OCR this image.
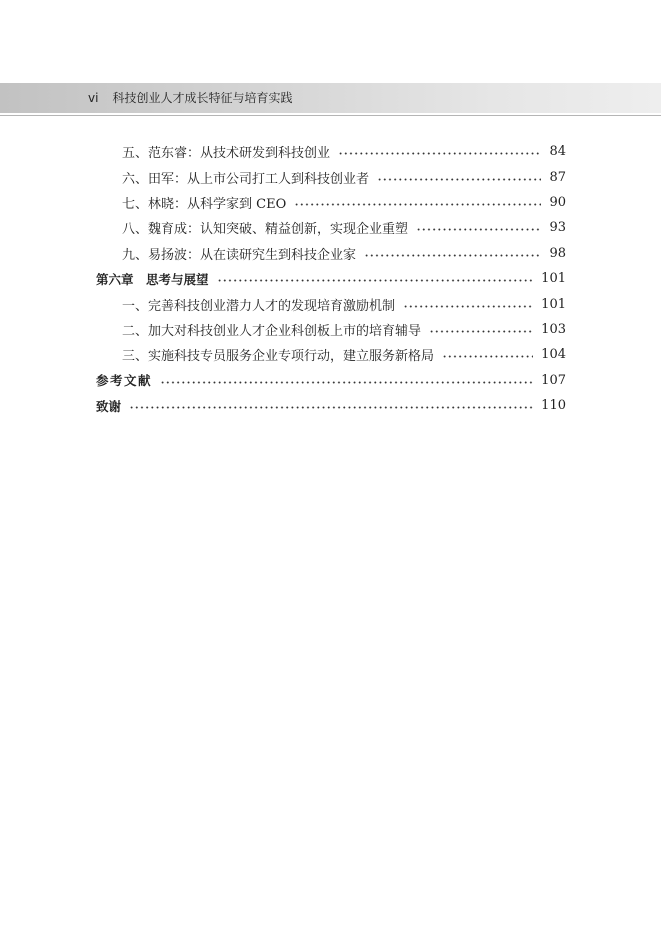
vi 科技创业人才成长特征与培育实践
五、范东睿：从技术研发到科技创业	84
六、田军：从上市公司打工人到科技创业者	87
七、林晓：从科学家到 CEO	90
八、魏育成：认知突破、精益创新，实现企业重塑	93
九、易扬波：从在读研究生到科技企业家	98
第六章　思考与展望	101
一、完善科技创业潜力人才的发现培育激励机制	101
二、加大对科技创业人才企业科创板上市的培育辅导	103
三、实施科技专员服务企业专项行动，建立服务新格局	104
参考文献	107
致谢	110
